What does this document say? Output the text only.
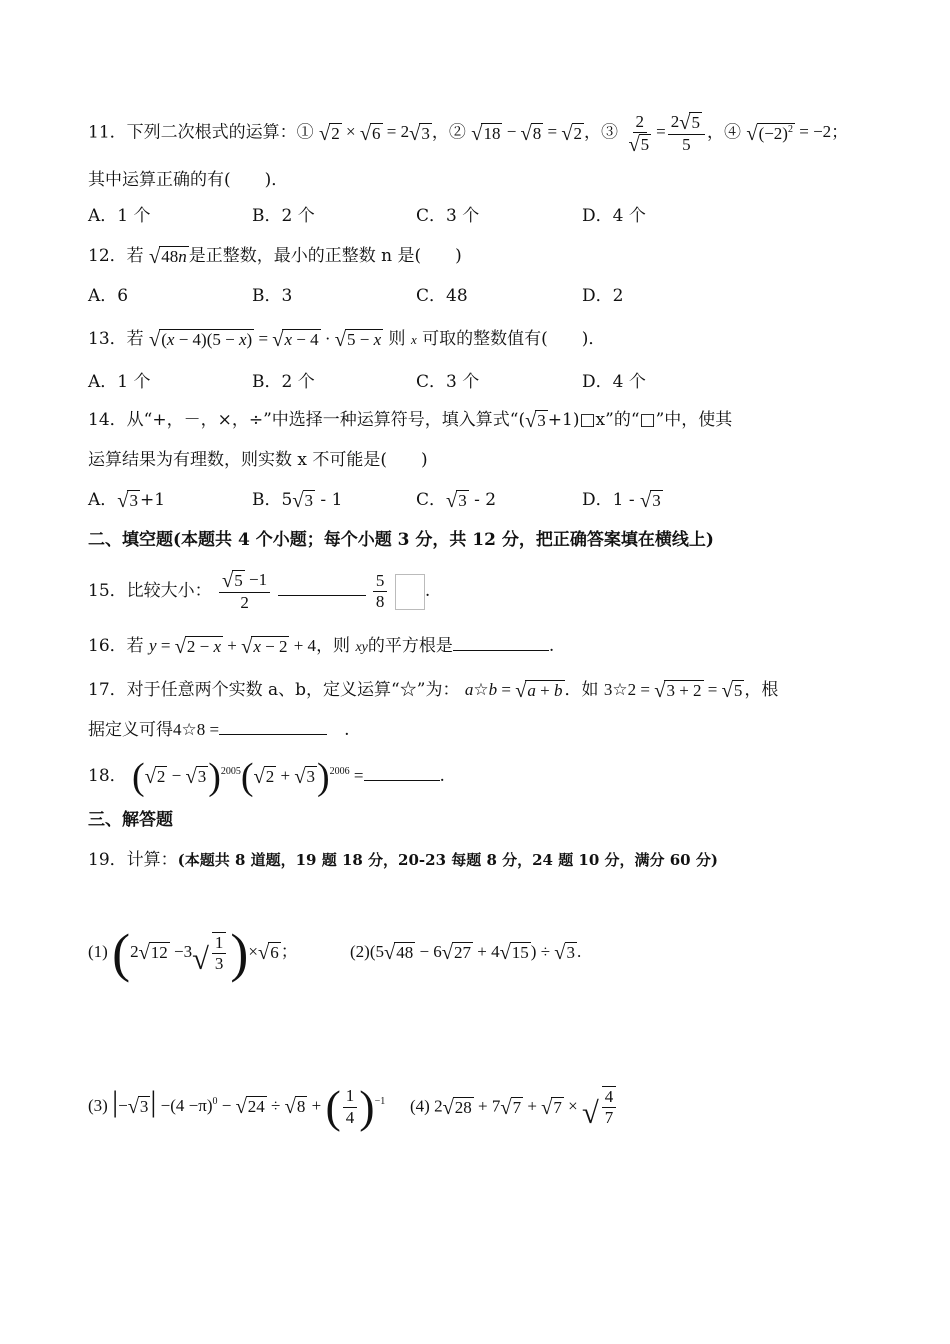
11．下列二次根式的运算：① √ 2 × √ 6 = 2 √ 3 ，② √ 18 − √ 8 = √ 2 ，③ $\frac{2}{√ 5} = \frac{2 √ 5}{5}$ ，④ √ $(-2)^2 = -2$；
其中运算正确的有(　　)．
A．1 个	B．2 个	C．3 个	D．4 个
12．若 √ 48n 是正整数，最小的正整数 n 是(　　)
A．6	B．3	C．48	D．2
13．若 √ (x − 4)(5 − x) = √ x − 4 · √ 5 − x 则 x 可取的整数值有(　　)．
A．1 个	B．2 个	C．3 个	D．4 个
14．从“+，－，×，÷”中选择一种运算符号，填入算式“( √ 3 +1)□x”的“□”中，使其
运算结果为有理数，则实数 x 不可能是(　　)
A． √ 3 +1	B．5 √ 3 - 1	C． √ 3 - 2	D．1 - √ 3
二、填空题(本题共 4 个小题；每个小题 3 分，共 12 分，把正确答案填在横线上)
15．比较大小： $\frac{√ 5 -1}{2}$
	$\frac{5}{8}$ .
16．若 y = √ 2 − x + √ x − 2 + 4，则 xy的平方根是	.
17．对于任意两个实数 a、b，定义运算“☆”为： a☆b = √ a + b ．如 3☆2 = √ 3 + 2 = √ 5 ，根
据定义可得4☆8 =　	.
18． ( √ 2 − √ 3 )$^{2005}$( √ 2 + √ 3 )$^{2006}$ =	.
三、解答题
19．计算：(本题共 8 道题，19 题 18 分，20-23 每题 8 分，24 题 10 分，满分 60 分)
(1) (2 √ 12 −3 √ $\frac{1}{3}$ )× √ 6 ；	(2)(5 √ 48 − 6 √ 27 + 4 √ 15 ) ÷ √ 3 .
(3) |− √ 3 | $-(4 -\pi)^0$ − √ 24 ÷ √ 8 + ( $\frac{1}{4} )^{-1}$ (4) 2 √ 28 + 7 √ 7 + √ 7 × √ $\frac{4}{7}$
